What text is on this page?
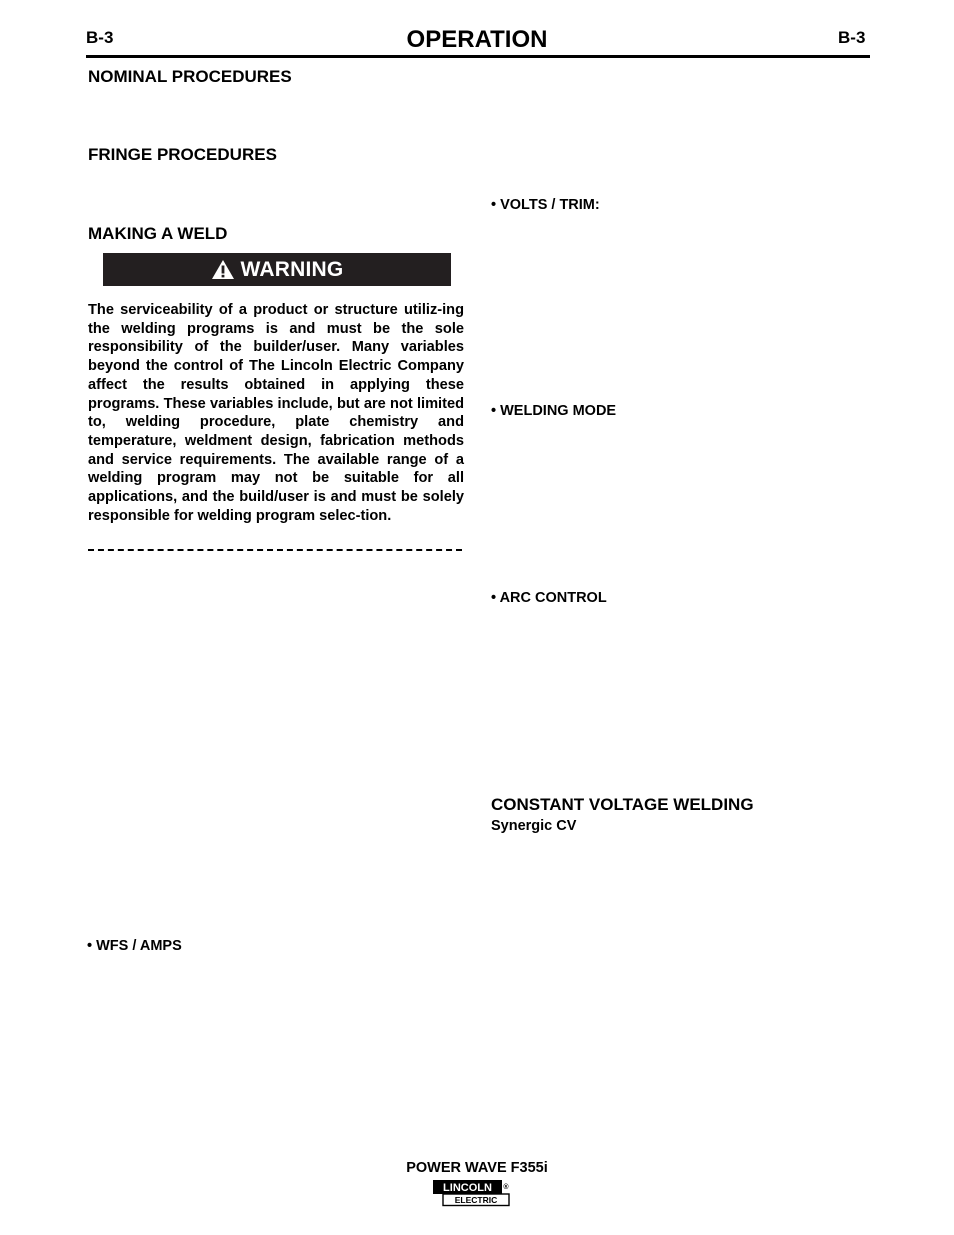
B-3	OPERATION	B-3
NOMINAL PROCEDURES
FRINGE PROCEDURES
MAKING A WELD
WARNING
The serviceability of a product or structure utiliz-ing the welding programs is and must be the sole responsibility of the builder/user. Many variables beyond the control of The Lincoln Electric Company affect the results obtained in applying these programs. These variables include, but are not limited to, welding procedure, plate chemistry and temperature, weldment design, fabrication methods and service requirements. The available range of a welding program may not be suitable for all applications, and the build/user is and must be solely responsible for welding program selec-tion.
• WFS / AMPS
• VOLTS / TRIM:
• WELDING MODE
• ARC CONTROL
CONSTANT VOLTAGE WELDING
Synergic CV
POWER WAVE F355i
LINCOLN
ELECTRIC
®
